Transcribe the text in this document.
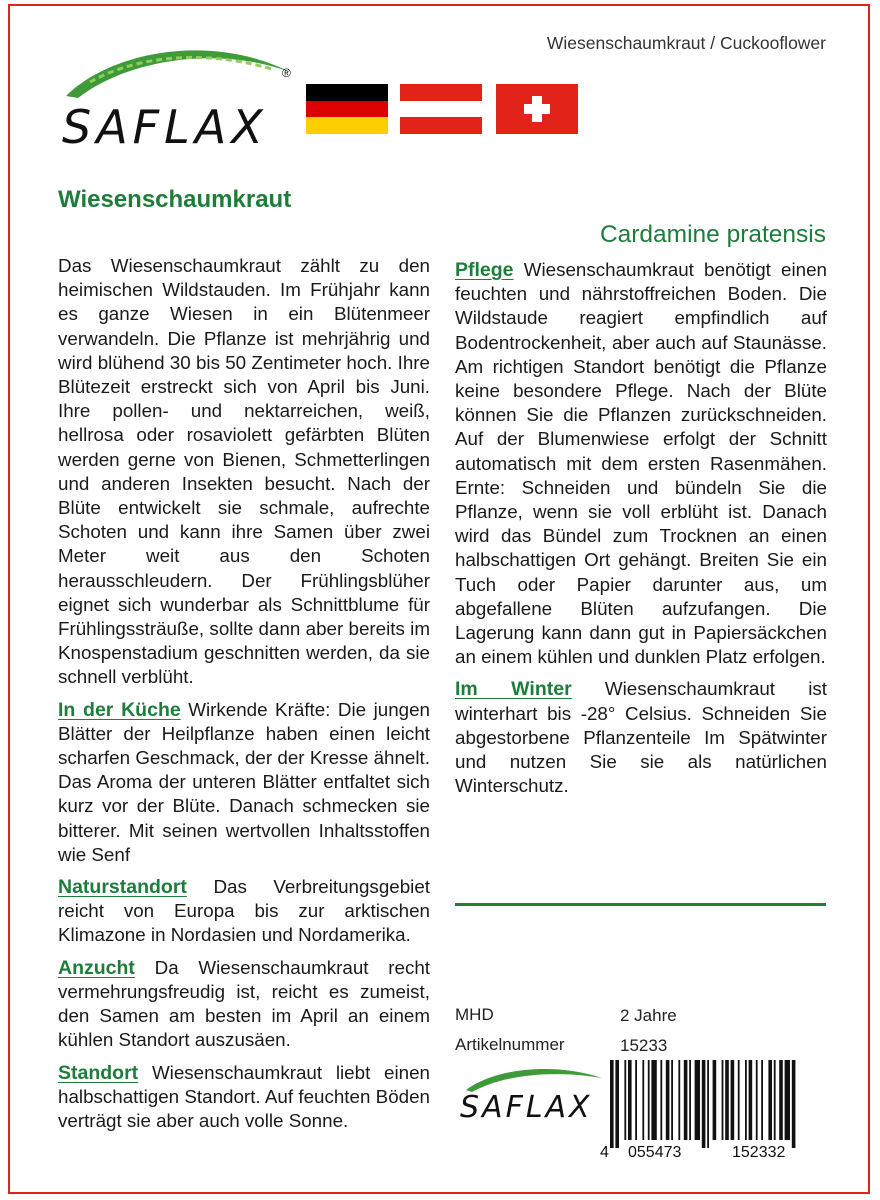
®
SAFLAX
Wiesenschaumkraut / Cuckooflower
Wiesenschaumkraut
Cardamine pratensis

Das Wiesenschaumkraut zählt zu den heimischen Wildstauden. Im Frühjahr kann es ganze Wiesen in ein Blütenmeer verwandeln. Die Pflanze ist mehrjährig und wird blühend 30 bis 50 Zentimeter hoch. Ihre Blütezeit erstreckt sich von April bis Juni. Ihre pollen- und nektarreichen, weiß, hellrosa oder rosaviolett gefärbten Blüten werden gerne von Bienen, Schmetterlingen und anderen Insekten besucht. Nach der Blüte entwickelt sie schmale, aufrechte Schoten und kann ihre Samen über zwei Meter weit aus den Schoten herausschleudern. Der Frühlingsblüher eignet sich wunderbar als Schnittblume für Frühlingssträuße, sollte dann aber bereits im Knospenstadium geschnitten werden, da sie schnell verblüht.

In der Küche Wirkende Kräfte: Die jungen Blätter der Heilpflanze haben einen leicht scharfen Geschmack, der der Kresse ähnelt. Das Aroma der unteren Blätter entfaltet sich kurz vor der Blüte. Danach schmecken sie bitterer. Mit seinen wertvollen Inhaltsstoffen wie Senf

Naturstandort Das Verbreitungsgebiet reicht von Europa bis zur arktischen Klimazone in Nordasien und Nordamerika.

Anzucht Da Wiesenschaumkraut recht vermehrungsfreudig ist, reicht es zumeist, den Samen am besten im April an einem kühlen Standort auszusäen.

Standort Wiesenschaumkraut liebt einen halbschattigen Standort. Auf feuchten Böden verträgt sie aber auch volle Sonne.

Pflege Wiesenschaumkraut benötigt einen feuchten und nährstoffreichen Boden. Die Wildstaude reagiert empfindlich auf Bodentrockenheit, aber auch auf Staunässe. Am richtigen Standort benötigt die Pflanze keine besondere Pflege. Nach der Blüte können Sie die Pflanzen zurückschneiden. Auf der Blumenwiese erfolgt der Schnitt automatisch mit dem ersten Rasenmähen. Ernte: Schneiden und bündeln Sie die Pflanze, wenn sie voll erblüht ist. Danach wird das Bündel zum Trocknen an einen halbschattigen Ort gehängt. Breiten Sie ein Tuch oder Papier darunter aus, um abgefallene Blüten aufzufangen. Die Lagerung kann dann gut in Papiersäckchen an einem kühlen und dunklen Platz erfolgen.

Im Winter Wiesenschaumkraut ist winterhart bis -28° Celsius. Schneiden Sie abgestorbene Pflanzenteile Im Spätwinter und nutzen Sie sie als natürlichen Winterschutz.

MHD	2 Jahre
Artikelnummer	15233
SAFLAX
4 055473	152332
